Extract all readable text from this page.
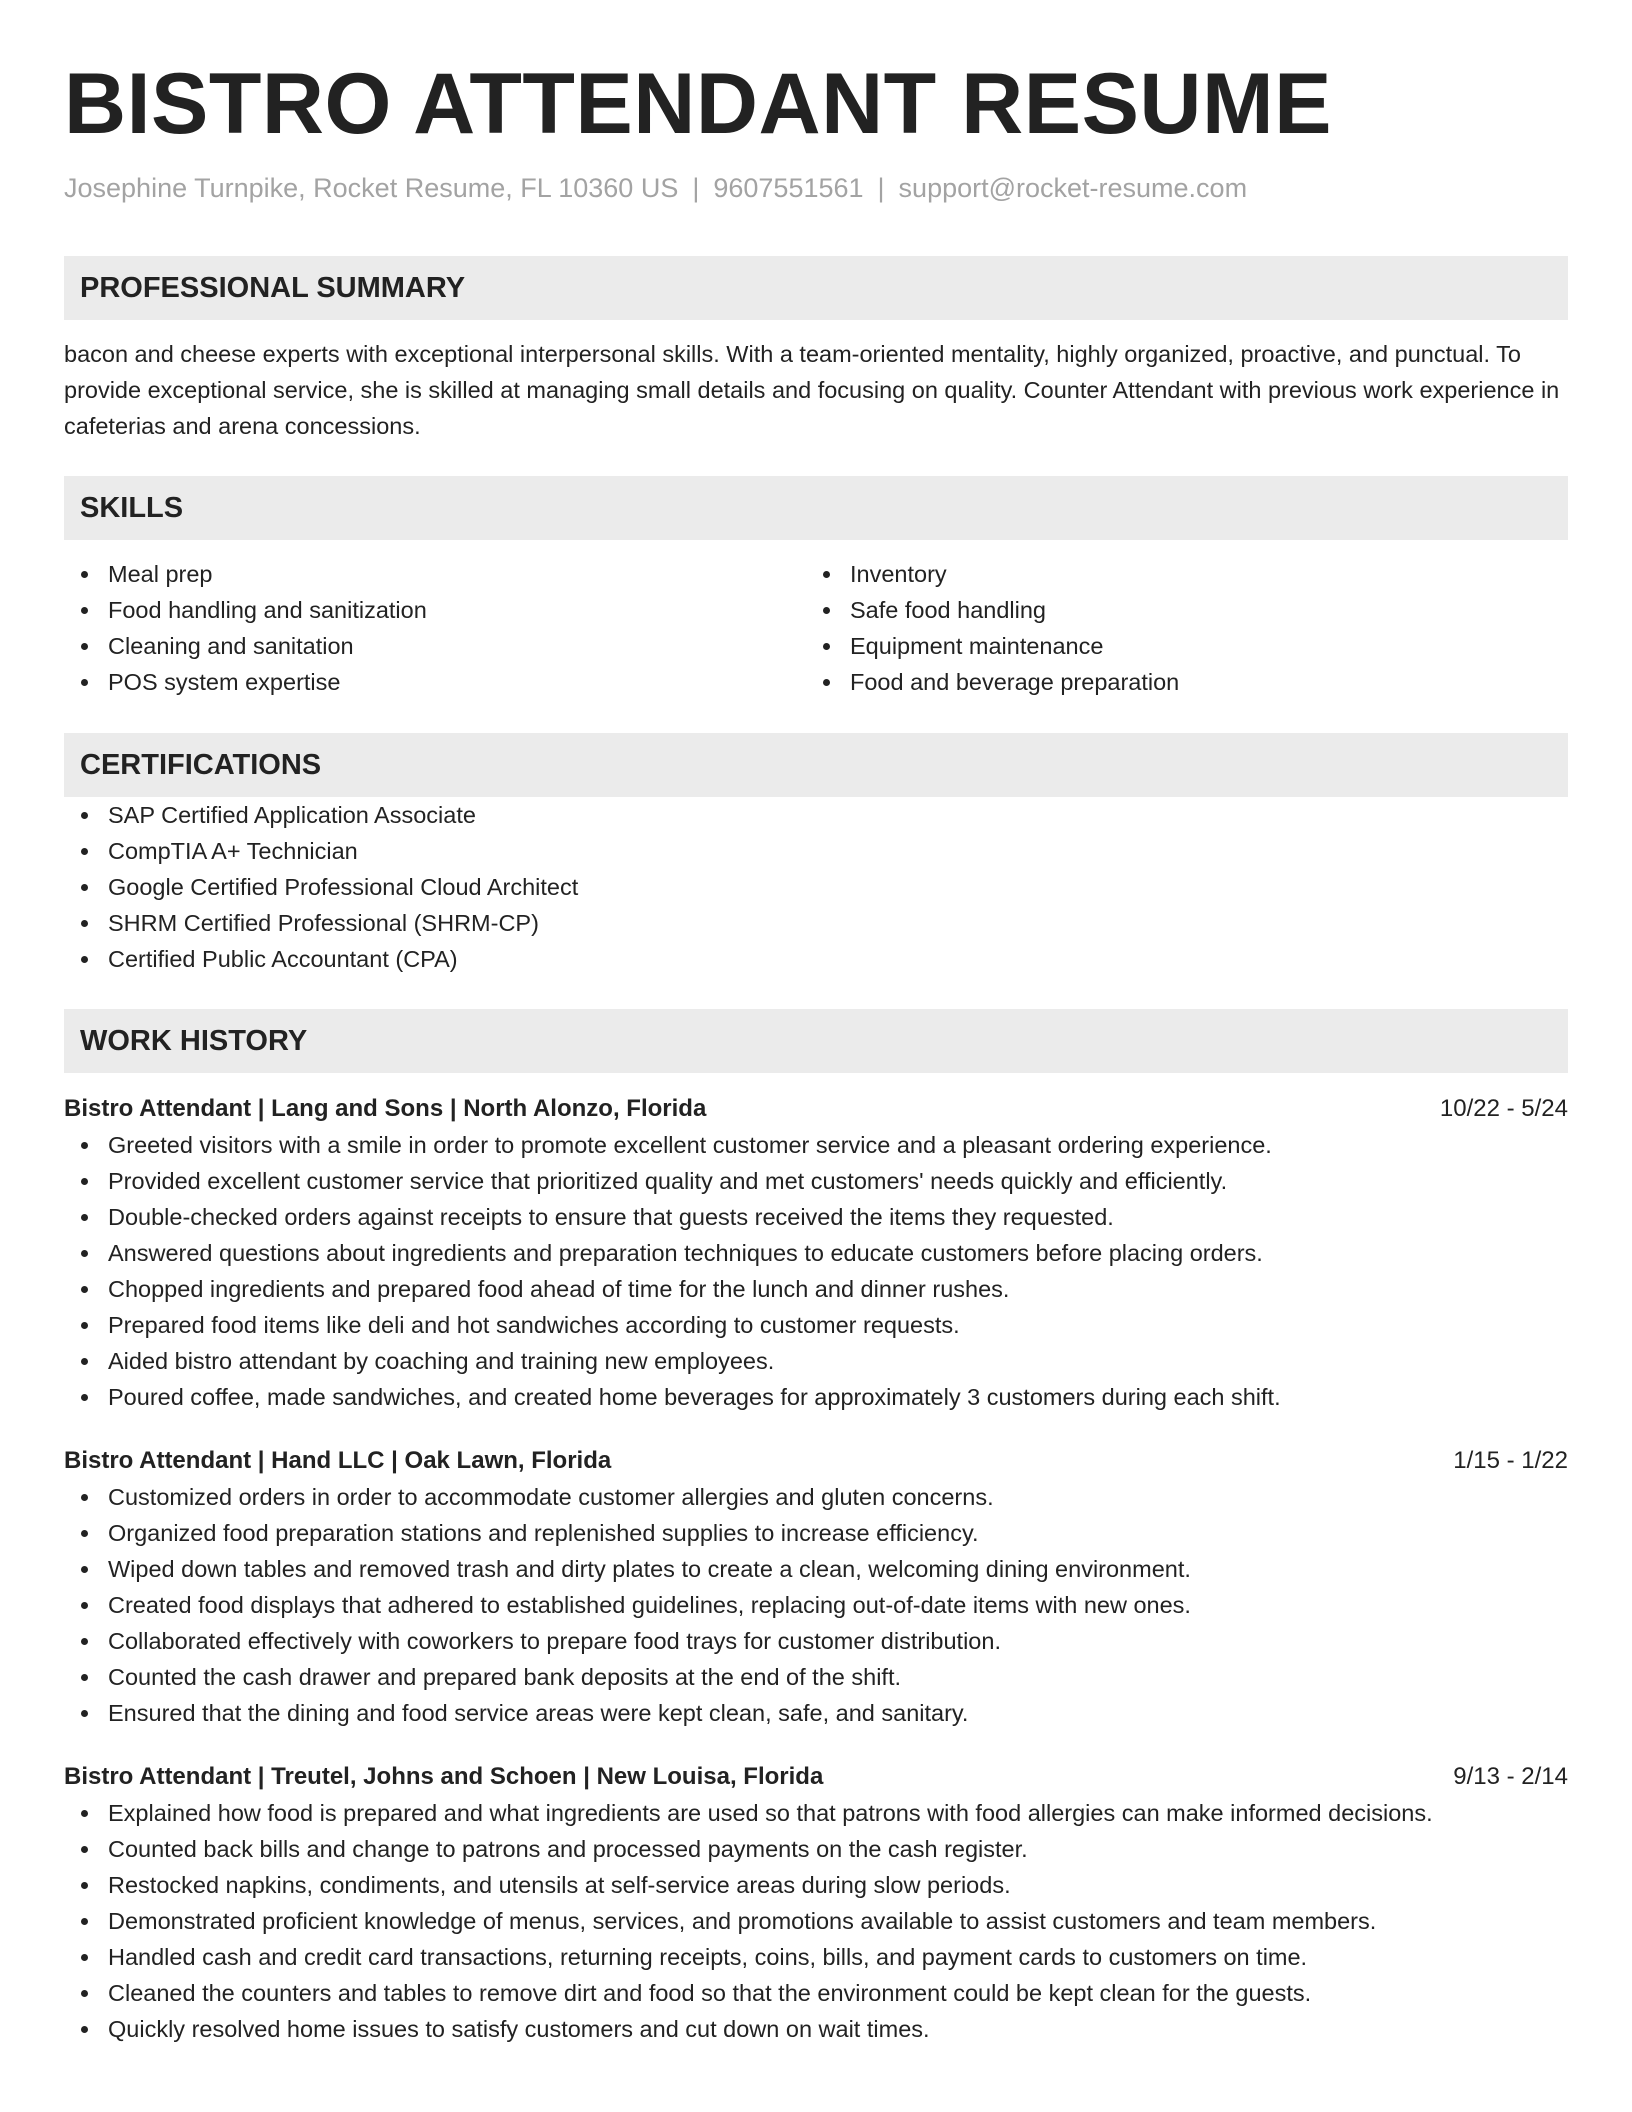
BISTRO ATTENDANT RESUME
Josephine Turnpike, Rocket Resume, FL 10360 US | 9607551561 | support@rocket-resume.com
PROFESSIONAL SUMMARY
bacon and cheese experts with exceptional interpersonal skills. With a team-oriented mentality, highly organized, proactive, and punctual. To provide exceptional service, she is skilled at managing small details and focusing on quality. Counter Attendant with previous work experience in cafeterias and arena concessions.
SKILLS
Meal prep
Food handling and sanitization
Cleaning and sanitation
POS system expertise
Inventory
Safe food handling
Equipment maintenance
Food and beverage preparation
CERTIFICATIONS
SAP Certified Application Associate
CompTIA A+ Technician
Google Certified Professional Cloud Architect
SHRM Certified Professional (SHRM-CP)
Certified Public Accountant (CPA)
WORK HISTORY
Bistro Attendant | Lang and Sons | North Alonzo, Florida	10/22 - 5/24
Greeted visitors with a smile in order to promote excellent customer service and a pleasant ordering experience.
Provided excellent customer service that prioritized quality and met customers' needs quickly and efficiently.
Double-checked orders against receipts to ensure that guests received the items they requested.
Answered questions about ingredients and preparation techniques to educate customers before placing orders.
Chopped ingredients and prepared food ahead of time for the lunch and dinner rushes.
Prepared food items like deli and hot sandwiches according to customer requests.
Aided bistro attendant by coaching and training new employees.
Poured coffee, made sandwiches, and created home beverages for approximately 3 customers during each shift.
Bistro Attendant | Hand LLC | Oak Lawn, Florida	1/15 - 1/22
Customized orders in order to accommodate customer allergies and gluten concerns.
Organized food preparation stations and replenished supplies to increase efficiency.
Wiped down tables and removed trash and dirty plates to create a clean, welcoming dining environment.
Created food displays that adhered to established guidelines, replacing out-of-date items with new ones.
Collaborated effectively with coworkers to prepare food trays for customer distribution.
Counted the cash drawer and prepared bank deposits at the end of the shift.
Ensured that the dining and food service areas were kept clean, safe, and sanitary.
Bistro Attendant | Treutel, Johns and Schoen | New Louisa, Florida	9/13 - 2/14
Explained how food is prepared and what ingredients are used so that patrons with food allergies can make informed decisions.
Counted back bills and change to patrons and processed payments on the cash register.
Restocked napkins, condiments, and utensils at self-service areas during slow periods.
Demonstrated proficient knowledge of menus, services, and promotions available to assist customers and team members.
Handled cash and credit card transactions, returning receipts, coins, bills, and payment cards to customers on time.
Cleaned the counters and tables to remove dirt and food so that the environment could be kept clean for the guests.
Quickly resolved home issues to satisfy customers and cut down on wait times.
